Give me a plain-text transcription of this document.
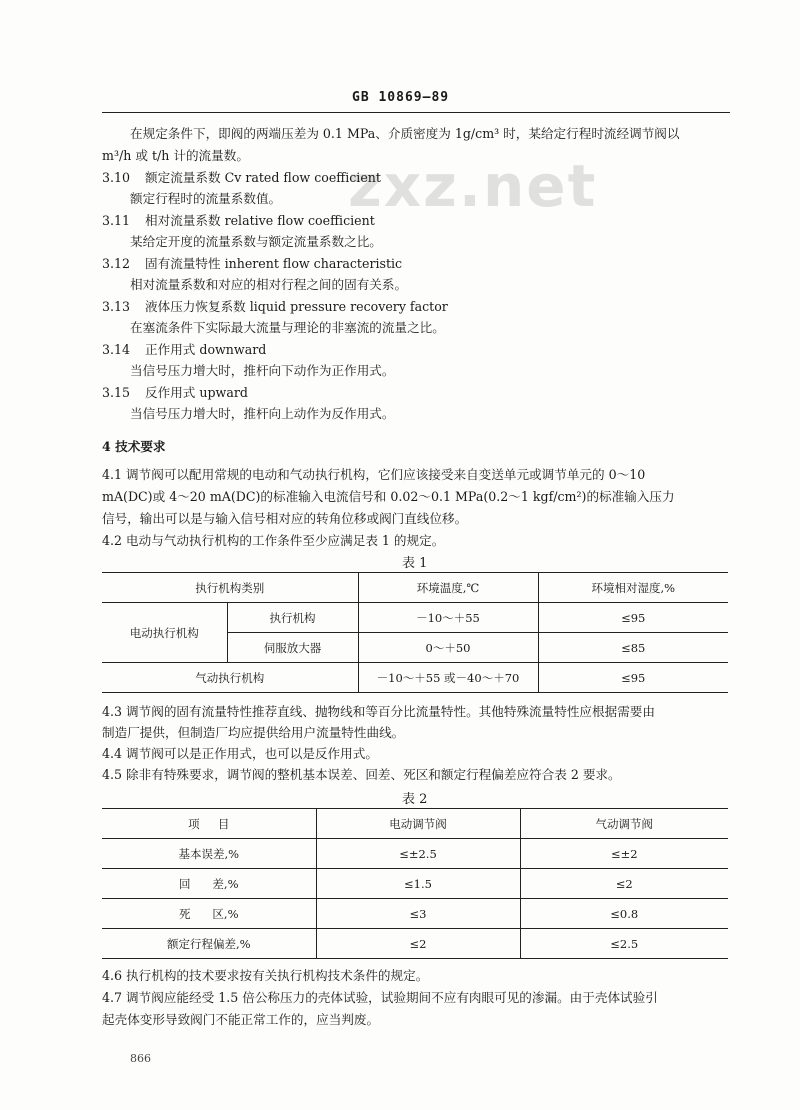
GB 10869—89
zxz.net
在规定条件下，即阀的两端压差为 0.1 MPa、介质密度为 1g/cm³ 时，某给定行程时流经调节阀以
m³/h 或 t/h 计的流量数。
3.10 额定流量系数 Cv rated flow coefficient
额定行程时的流量系数值。
3.11 相对流量系数 relative flow coefficient
某给定开度的流量系数与额定流量系数之比。
3.12 固有流量特性 inherent flow characteristic
相对流量系数和对应的相对行程之间的固有关系。
3.13 液体压力恢复系数 liquid pressure recovery factor
在塞流条件下实际最大流量与理论的非塞流的流量之比。
3.14 正作用式 downward
当信号压力增大时，推杆向下动作为正作用式。
3.15 反作用式 upward
当信号压力增大时，推杆向上动作为反作用式。
4 技术要求
4.1 调节阀可以配用常规的电动和气动执行机构，它们应该接受来自变送单元或调节单元的 0～10
mA(DC)或 4～20 mA(DC)的标准输入电流信号和 0.02～0.1 MPa(0.2～1 kgf/cm²)的标准输入压力
信号，输出可以是与输入信号相对应的转角位移或阀门直线位移。
4.2 电动与气动执行机构的工作条件至少应满足表 1 的规定。
表 1
执行机构类别		环境温度,℃	环境相对湿度,%
电动执行机构	执行机构	－10～＋55	≤95
	伺服放大器	0～＋50	≤85
气动执行机构		－10～＋55 或－40～＋70	≤95
4.3 调节阀的固有流量特性推荐直线、抛物线和等百分比流量特性。其他特殊流量特性应根据需要由
制造厂提供，但制造厂均应提供给用户流量特性曲线。
4.4 调节阀可以是正作用式，也可以是反作用式。
4.5 除非有特殊要求，调节阀的整机基本误差、回差、死区和额定行程偏差应符合表 2 要求。
表 2
项     目	电动调节阀	气动调节阀
基本误差,%	≤±2.5	≤±2
回      差,%	≤1.5	≤2
死      区,%	≤3	≤0.8
额定行程偏差,%	≤2	≤2.5
4.6 执行机构的技术要求按有关执行机构技术条件的规定。
4.7 调节阀应能经受 1.5 倍公称压力的壳体试验，试验期间不应有肉眼可见的渗漏。由于壳体试验引
起壳体变形导致阀门不能正常工作的，应当判废。
866
